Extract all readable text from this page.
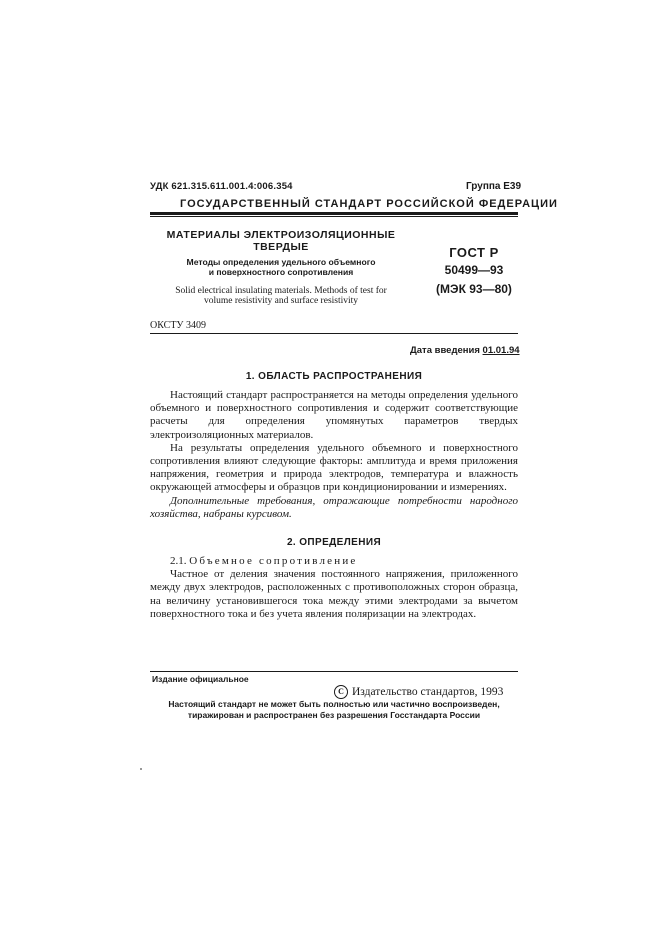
УДК 621.315.611.001.4:006.354	Группа Е39
ГОСУДАРСТВЕННЫЙ СТАНДАРТ РОССИЙСКОЙ ФЕДЕРАЦИИ
МАТЕРИАЛЫ ЭЛЕКТРОИЗОЛЯЦИОННЫЕ
ТВЕРДЫЕ
Методы определения удельного объемного
и поверхностного сопротивления
Solid electrical insulating materials. Methods of test for
volume resistivity and surface resistivity
ГОСТ Р
50499—93
(МЭК 93—80)
ОКСТУ 3409
Дата введения 01.01.94
1. ОБЛАСТЬ РАСПРОСТРАНЕНИЯ

Настоящий стандарт распространяется на методы определения удельного объемного и поверхностного сопротивления и содержит соответствующие расчеты для определения упомянутых параметров твердых электроизоляционных материалов.

На результаты определения удельного объемного и поверхностного сопротивления влияют следующие факторы: амплитуда и время приложения напряжения, геометрия и природа электродов, температура и влажность окружающей атмосферы и образцов при кондиционировании и измерениях.

Дополнительные требования, отражающие потребности народного хозяйства, набраны курсивом.

2. ОПРЕДЕЛЕНИЯ

2.1. Объемное сопротивление

Частное от деления значения постоянного напряжения, приложенного между двух электродов, расположенных с противоположных сторон образца, на величину установившегося тока между этими электродами за вычетом поверхностного тока и без учета явления поляризации на электродах.

Издание официальное
C Издательство стандартов, 1993
Настоящий стандарт не может быть полностью или частично воспроизведен,
тиражирован и распространен без разрешения Госстандарта России
